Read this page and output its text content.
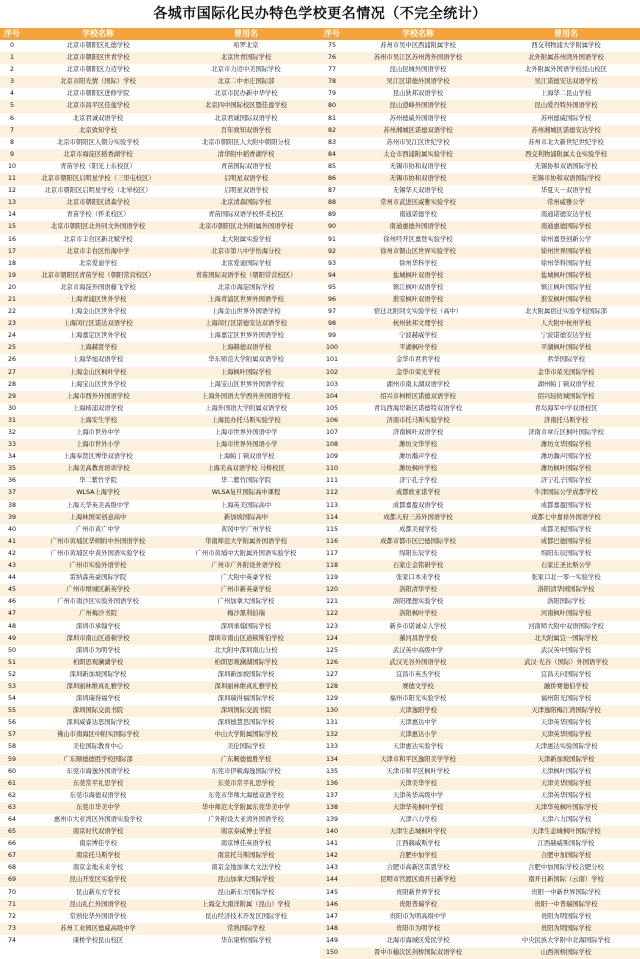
各城市国际化民办特色学校更名情况（不完全统计）
序号	学校名称	曾用名
0	北京市朝阳区礼德学校	哈罗北京
1	北京市朝阳区世青学校	北京世青国际学校
2	北京市朝阳区力迈学校	北京市力迈中美国际学校
3	北京市阳光情（国际）学校	北京二中亦庄国际部
4	北京市朝阳区进修学院	北京市民办新中华学校
5	北京市昌平区佳莲学校	北京四中国际校区暨佳莲学校
6	北京君诚双语学校	北京君诚国际双语学校
7	北京致知学校	百年致知双语学校
8	北京市朝阳区人朝分实验学校	北京市朝阳区人大附中朝阳分校
9	北京市海淀区稻香湖学校	清华附中稻香湖学校
10	青苗学校（阳光上东校区）	青苗国际双语学校
11	北京市朝阳区启明星学校（三里屯校区）	启明星双语学校
12	北京市朝阳区启明星学校（北皋校区）	启明星双语学校
13	北京市朝阳区清森学校	北京清森国际学校
14	青苗学校（怀柔校区）	青苗国际双语学校怀柔校区
15	北京市朝阳区北外同文外国语学校	北京市朝阳区北外附属外国语学校
16	北京市丰台区新北赋学校	北大附属实验学校
17	北京市丰台区怡海中学	北京市第八中学怡海分校
18	北京爱迪学校	北京爱迪国际学校
19	北京市朝阳区青苗学校（朝阳常营校区）	青苗国际双语学校（朝阳常营校区）
20	北京市海淀外国语藤飞学校	北京市海淀国际学校
21	上海青浦区世外学校	上海青浦区世界外国语学校
22	上海金山区世外学校	上海金山世界外国语学校
23	上海闵行区诺达双语学校	上海闵行区诺德安达双语学校
24	上海嘉定区世外学校	上海嘉定区世界外国语学校
25	上海赫贤学校	上海赫德双语学校
26	上海华旭双语学校	华东师范大学附属双语学校
27	上海金山区枫叶学校	上海枫叶国际学校
28	上海宝山区世外学校	上海宝山区世界外国语学校
29	上海市西外外国语学校	上海外国语大学西外外国语学校
30	上海杨浦双语学校	上海外国语大学附属双语学校
31	上海安生学校	上海民办托马斯实验学校
32	上海市世外中学	上海市世界外国语中学
33	上海市世外小学	上海市世界外国语小学
34	上海奉贤区博华双语学校	上海帕丁顿双语学校
35	上海美高教育培训学校	上海美高双语学校 马桥校区
36	华二紫竹学院	华二紫竹国际学院
37	WLSA上海学校	WLSA复旦国际高中课程
38	上海天华英美高级中学	上海英美国际高中
39	上海林国荣创意高中	新加坡国际高中
40	广州市黄广中学	黄冈中学广州学校
41	广州市黄埔区华师附中外国语学校	华南师范大学附属外国语学校
42	广州市黄埔区中黄外国语实验学校	广州市黄埔中大附属外国语实验学校
43	广州市实验外语学校	广州市广外附设外语学校
44	雷纳森英豪国际学院	广大附中英豪学校
45	广州市增城区新英学校	广州市新英豪学校
46	广州市南沙区实验外国语学校	广州加拿大国际学校
47	广州梅沙书院	梅沙黑利伯瑞
48	深圳市承翰学校	深圳承翰国际学校
49	深圳市南山区道顿学校	深圳市南山区道顿斯伯学校
50	深圳市为明学校	北大附中深圳南山分校
51	柏朗思观澜湖学校	柏朗思观澜湖国际学校
52	深圳新加坡国际学校	深圳新加坡国际学校
53	深圳丽林维真礼雅学校	深圳丽林维真礼雅学校
54	深圳瑞得福学校	深圳瑞得福国际学校
55	深圳国际交流书院	深圳国际交流书院
56	深圳威睿达思国际学校	深圳德慧思国际学校
57	佛山市南海区中附实国际学校	中山大学附属国际学校
58	美伦国际教育中心	美伦国际学校
59	广东顺德德胜学校国际部	广东顺德德胜学校
60	东莞市海逸外国语学校	东莞市伊顿海逸国际学校
61	东莞常平礼思学校	东莞市常平礼思学校
62	东莞市海德双语学校	东莞市华师大海德双语学校
63	东莞市华美中学	华中师范大学附属东莞华美中学
64	惠州市大亚湾区外国语实验学校	广外附设大亚湾外国语学校
65	南京时代双语学校	南京泰威博士学校
66	南京博佳学校	南京博佳英语学校
67	南京托马斯学校	南京托马斯国际学校
68	南京金地未来学校	南京金地加拿大文法学校
69	昆山开发区实验学校	昆山加拿大国际学校
70	昆山新东方学校	昆山新东方国际学校
71	昆山礼仁外国语学校	上海交大南洋附属（昆山）学校
72	常熟伦华外国语学校	昆山经济技术开发区国际学校
73	苏州工业园区德威高级中学	常熟国际学校
74	康桥学校昆山校区	华东康桥国际学校
序号	学校名称	曾用名
75	苏州市吴中区西浦附属学校	西交利物浦大学附属学校
76	苏州市吴江区苏州湾外国语学校	北外附属苏州湾外国语学校
77	昆山昆城外国语学校	北外附属外国语学校昆山校区
78	吴江区诺德外国语学校	吴江诺德安达双语学校
79	昆山狄邦双语学校	上海华二昆山学校
80	昆山澄峰外国语学校	昆山爱丹特外国语学校
81	苏州德威外国语学校	苏州德威国际学校
82	苏州湘城区诺德双语学校	苏州湘城区诺德安达学校
83	苏州市吴江区世纪学校	苏州市北大新世纪世纪学校
84	太仓市西浦附属实验学校	西交利物浦附属太仓实验学校
85	无锡市协和双语学校	无锡协和双语国际学校
86	无锡市协和双语学校	无锡市协和双语国际学校
87	无锡华天双语学校	华夏天一双语学校
88	常州市武进区威雅实验学校	常州威雅公学
89	南通诺德学校	南通诺德安达学校
90	南通惠德外国语学校	南通惠德国际学校
91	徐州经开区嘉登实验学校	徐州嘉登创新公学
92	徐州市铜山区世界实验学校	徐州世界国际学校
93	徐州华科学校	徐州华科国际学校
94	盐城枫叶双语学校	盐城枫叶国际学校
95	镇江枫叶双语学校	镇江枫叶国际学校
96	淮安枫叶双语学校	淮安枫叶国际学校
97	宿迁北附同文实验学校（高中）	北大附属宿迁实验学校国际部
98	杭州狄邦文理学校	人大附中杭州学校
99	宁波赫威学校	宁波诺德安达学校
100	平湖枫叶学校	平湖枫叶国际学校
101	金华市君君学校	君华国际学校
102	金华市荣光学校	金华市荣光国际学校
103	湖州市南太湖双语学校	湖州帕丁顿双语学校
104	绍兴市柯桥区诺德双语学校	绍兴轻纺城国际学校
105	青岛西海岸新区诺德特双语学校	青岛海军中学双语校区
106	济南市托马斯实验学校	济南托马斯学校
107	济南枫叶双语学校	济南市章丘区枫叶国际学校
108	潍坊文华学校	潍坊文华国际学校
109	潍坊瀚声学校	潍坊瀚声国际学校
110	潍坊枫叶学校	潍坊枫叶国际学校
111	济宁孔子学校	济宁孔子国际学校
112	成都欧亚诺学校	牛津国际公学成都学校
113	成都嘉盈双语学校	成都嘉盈国际学校
114	成都天府三苏外国语学校	成都七中嘉祥外国语学校
115	成都美视学校	成都美视国际学校
116	成都市都市区巴德国际学校	成都巴德国际学校
117	绵阳东辰学校	绵阳东辰国际学校
118	石家庄金铭研学校	石家庄圣比斯公学
119	张家口本来学校	张家口北一零一实验学校
120	洛阳清华学校	洛阳清华园国际学校
121	洛阳理想实验学校	洛阳国际学校
122	洛阳枫叶学校	河南枫叶国际学校
123	新乡市诺诚卓人学校	河南师大附中双语国际学校
124	漯河昌智学校	北大附属宜一国际学校
125	武汉英中高级中学	武汉英中国际学校
126	武汉光谷外国语学校	武汉·光谷（国际）外国语学校
127	宜昌市英杰学校	宜昌天问国际学校
128	赛德文学校	融侨赛德伯学校
129	福州市阳光实验学校	福州阳光国际学校
130	天津逸阳学校	天津逸阳梅江湾国际学校
131	天津惠达中学	天津英华国际学校
132	天津惠达小学	天津英华国际学校
133	天津惠达实验学校	天津惠达实验国际学校
134	天津市和平区逸阳美学学校	天津新加坡国际学校
135	天津市和平区枫叶学校	天津枫叶国际学校
136	天津美华学校	天津美华国际学校
137	天津英华高级中学	天津英华国际学校
138	天津华苑枫叶学校	天津华苑枫叶国际学校
139	天津六力学校	天津六力国际学校
140	天津生态城枫叶学校	天津生态城枫叶国际学校
141	江西赫威斯学校	江西赫威斯国际学校
142	合肥中加学校	合肥中加国际学校
143	合肥市高新区雷恩学校	合肥中加国际学校合肥分校
144	昆明市官渡区南开日新学校	南开日新国际（云南）学校
145	贵阳新世界学校	贵阳一中新世界国际学校
146	贵阳普瑞学校	贵阳一中普瑞国际学校
147	贵阳市为明高级中学	贵阳为明国际学校
148	贵阳市为明学校	贵阳为明国际学校
149	北海市海城区爱民学校	中央民族大学附中北海国际学校
150	晋中市榆次区剑桥国际双语学校	山西剑桥国际学校
